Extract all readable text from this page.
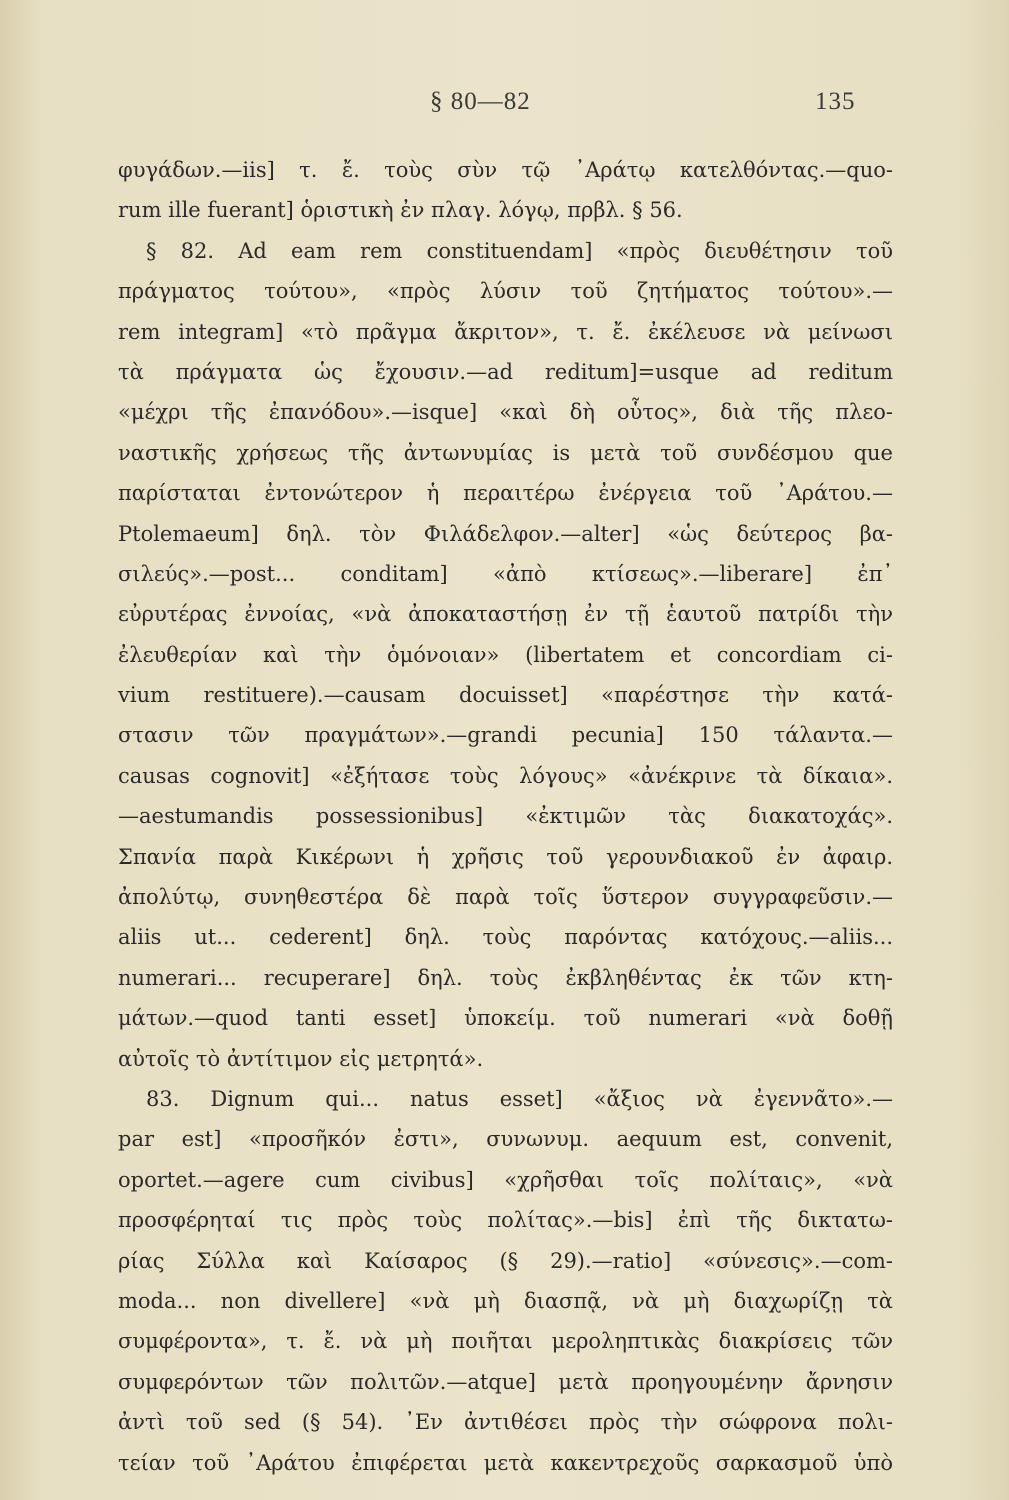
§ 80—82	135
φυγάδων.—iis] τ. ἔ. τοὺς σὺν τῷ ᾽Αράτῳ κατελθόντας.—quo-
rum ille fuerant] ὁριστικὴ ἐν πλαγ. λόγῳ, πρβλ. § 56.
§ 82. Ad eam rem constituendam] «πρὸς διευθέτησιν τοῦ
πράγματος τούτου», «πρὸς λύσιν τοῦ ζητήματος τούτου».—
rem integram] «τὸ πρᾶγμα ἄκριτον», τ. ἔ. ἐκέλευσε νὰ μείνωσι
τὰ πράγματα ὡς ἔχουσιν.—ad reditum]=usque ad reditum
«μέχρι τῆς ἐπανόδου».—isque] «καὶ δὴ οὗτος», διὰ τῆς πλεο-
ναστικῆς χρήσεως τῆς ἀντωνυμίας is μετὰ τοῦ συνδέσμου que
παρίσταται ἐντονώτερον ἡ περαιτέρω ἐνέργεια τοῦ ᾽Αράτου.—
Ptolemaeum] δηλ. τὸν Φιλάδελφον.—alter] «ὡς δεύτερος βα-
σιλεύς».—post... conditam] «ἀπὸ κτίσεως».—liberare] ἐπ᾽
εὐρυτέρας ἐννοίας, «νὰ ἀποκαταστήσῃ ἐν τῇ ἑαυτοῦ πατρίδι τὴν
ἐλευθερίαν καὶ τὴν ὁμόνοιαν» (libertatem et concordiam ci-
vium restituere).—causam docuisset] «παρέστησε τὴν κατά-
στασιν τῶν πραγμάτων».—grandi pecunia] 150 τάλαντα.—
causas cognovit] «ἐξήτασε τοὺς λόγους» «ἀνέκρινε τὰ δίκαια».
—aestumandis possessionibus] «ἐκτιμῶν τὰς διακατοχάς».
Σπανία παρὰ Κικέρωνι ἡ χρῆσις τοῦ γερουνδιακοῦ ἐν ἀφαιρ.
ἀπολύτῳ, συνηθεστέρα δὲ παρὰ τοῖς ὕστερον συγγραφεῦσιν.—
aliis ut... cederent] δηλ. τοὺς παρόντας κατόχους.—aliis...
numerari... recuperare] δηλ. τοὺς ἐκβληθέντας ἐκ τῶν κτη-
μάτων.—quod tanti esset] ὑποκείμ. τοῦ numerari «νὰ δοθῇ
αὐτοῖς τὸ ἀντίτιμον εἰς μετρητά».
83. Dignum qui... natus esset] «ἄξιος νὰ ἐγεννᾶτο».—
par est] «προσῆκόν ἐστι», συνωνυμ. aequum est, convenit,
oportet.—agere cum civibus] «χρῆσθαι τοῖς πολίταις», «νὰ
προσφέρηταί τις πρὸς τοὺς πολίτας».—bis] ἐπὶ τῆς δικτατω-
ρίας Σύλλα καὶ Καίσαρος (§ 29).—ratio] «σύνεσις».—com-
moda... non divellere] «νὰ μὴ διασπᾷ, νὰ μὴ διαχωρίζῃ τὰ
συμφέροντα», τ. ἔ. νὰ μὴ ποιῆται μεροληπτικὰς διακρίσεις τῶν
συμφερόντων τῶν πολιτῶν.—atque] μετὰ προηγουμένην ἄρνησιν
ἀντὶ τοῦ sed (§ 54). ᾽Εν ἀντιθέσει πρὸς τὴν σώφρονα πολι-
τείαν τοῦ ᾽Αράτου ἐπιφέρεται μετὰ κακεντρεχοῦς σαρκασμοῦ ὑπὸ
